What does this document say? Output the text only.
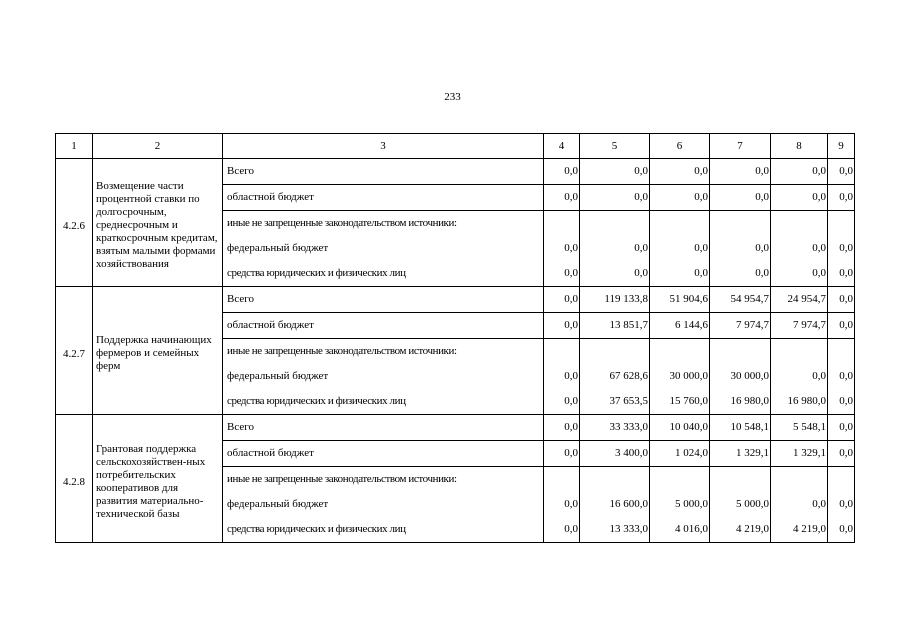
233
1	2	3	4	5	6	7	8	9
4.2.6	Возмещение части процентной ставки по долгосрочным, среднесрочным и краткосрочным кредитам, взятым малыми формами хозяйствования	Всего	0,0	0,0	0,0	0,0	0,0	0,0
		областной бюджет	0,0	0,0	0,0	0,0	0,0	0,0
		иные не запрещенные законодательством источники:						
		федеральный бюджет	0,0	0,0	0,0	0,0	0,0	0,0
		средства юридических и физических лиц	0,0	0,0	0,0	0,0	0,0	0,0
4.2.7	Поддержка начинающих фермеров и семейных ферм	Всего	0,0	119 133,8	51 904,6	54 954,7	24 954,7	0,0
		областной бюджет	0,0	13 851,7	6 144,6	7 974,7	7 974,7	0,0
		иные не запрещенные законодательством источники:						
		федеральный бюджет	0,0	67 628,6	30 000,0	30 000,0	0,0	0,0
		средства юридических и физических лиц	0,0	37 653,5	15 760,0	16 980,0	16 980,0	0,0
4.2.8	Грантовая поддержка сельскохозяйствен-ных потребительских кооперативов для развития материально-технической базы	Всего	0,0	33 333,0	10 040,0	10 548,1	5 548,1	0,0
		областной бюджет	0,0	3 400,0	1 024,0	1 329,1	1 329,1	0,0
		иные не запрещенные законодательством источники:						
		федеральный бюджет	0,0	16 600,0	5 000,0	5 000,0	0,0	0,0
		средства юридических и физических лиц	0,0	13 333,0	4 016,0	4 219,0	4 219,0	0,0
